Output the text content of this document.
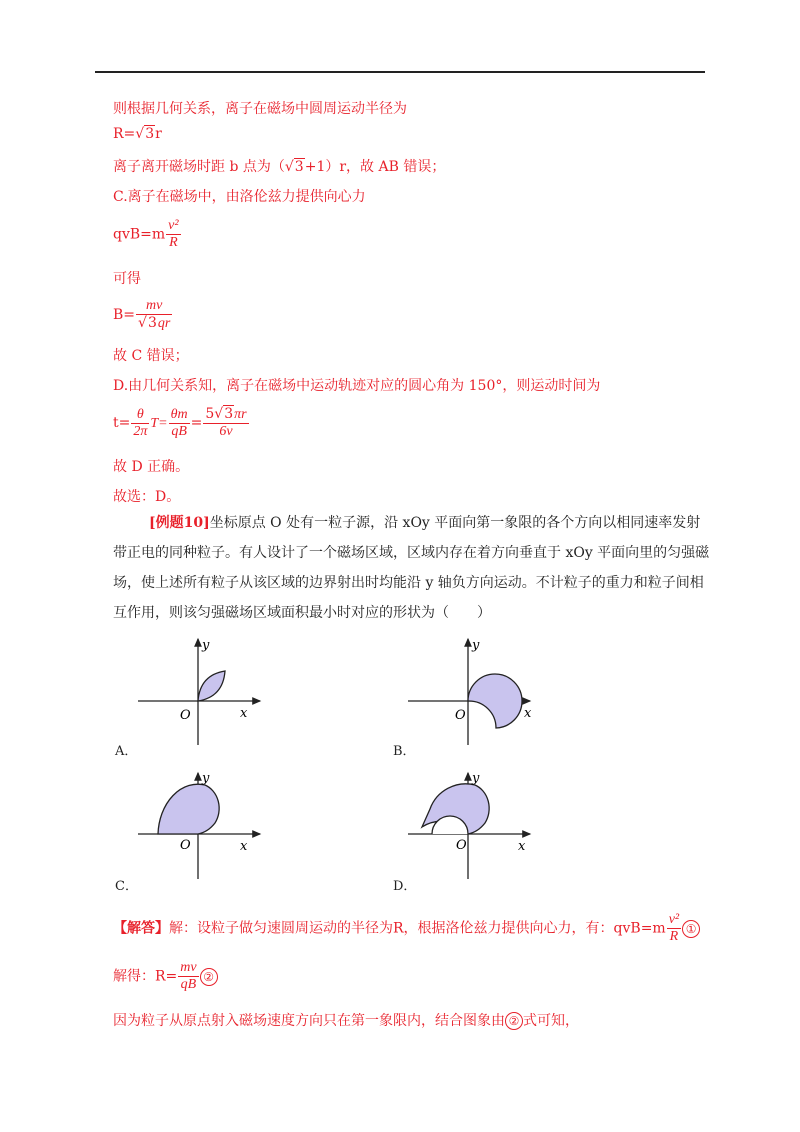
则根据几何关系，离子在磁场中圆周运动半径为
R=√3r
离子离开磁场时距 b 点为（√3+1）r，故 AB 错误；
C.离子在磁场中，由洛伦兹力提供向心力
$qvB=m \frac{\text{v²}}{R}$
可得
$B= \frac{mv}{√3qr}$
故 C 错误；
D.由几何关系知，离子在磁场中运动轨迹对应的圆心角为 150°，则运动时间为
$t= \frac{\theta}{2\pi} T= \frac{\theta m}{qB} = \frac{5√3\pi r}{6v}$
故 D 正确。
故选：D。
[例题10]坐标原点 O 处有一粒子源，沿 xOy 平面向第一象限的各个方向以相同速率发射带正电的同种粒子。有人设计了一个磁场区域，区域内存在着方向垂直于 xOy 平面向里的匀强磁场，使上述所有粒子从该区域的边界射出时均能沿 y 轴负方向运动。不计粒子的重力和粒子间相互作用，则该匀强磁场区域面积最小时对应的形状为（　　）
y
O	x
A．
y
O	x
B．
y
O	x
C．
y
O	x
D．
【解答】解：设粒子做匀速圆周运动的半径为R，根据洛伦兹力提供向心力，有：$qvB=m \frac{\text{v²}}{R}$ ①
解得：$R= \frac{mv}{qB}$ ②
因为粒子从原点射入磁场速度方向只在第一象限内，结合图象由 ② 式可知，
